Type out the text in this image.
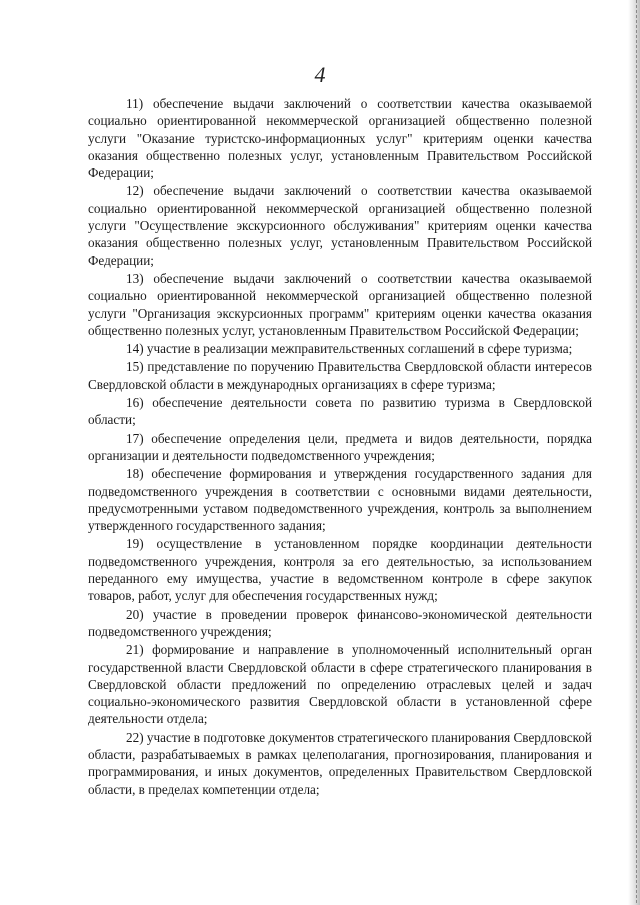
4

11) обеспечение выдачи заключений о соответствии качества оказываемой социально ориентированной некоммерческой организацией общественно полезной услуги "Оказание туристско-информационных услуг" критериям оценки качества оказания общественно полезных услуг, установленным Правительством Российской Федерации;

12) обеспечение выдачи заключений о соответствии качества оказываемой социально ориентированной некоммерческой организацией общественно полезной услуги "Осуществление экскурсионного обслуживания" критериям оценки качества оказания общественно полезных услуг, установленным Правительством Российской Федерации;

13) обеспечение выдачи заключений о соответствии качества оказываемой социально ориентированной некоммерческой организацией общественно полезной услуги "Организация экскурсионных программ" критериям оценки качества оказания общественно полезных услуг, установленным Правительством Российской Федерации;

14) участие в реализации межправительственных соглашений в сфере туризма;

15) представление по поручению Правительства Свердловской области интересов Свердловской области в международных организациях в сфере туризма;

16) обеспечение деятельности совета по развитию туризма в Свердловской области;

17) обеспечение определения цели, предмета и видов деятельности, порядка организации и деятельности подведомственного учреждения;

18) обеспечение формирования и утверждения государственного задания для подведомственного учреждения в соответствии с основными видами деятельности, предусмотренными уставом подведомственного учреждения, контроль за выполнением утвержденного государственного задания;

19) осуществление в установленном порядке координации деятельности подведомственного учреждения, контроля за его деятельностью, за использованием переданного ему имущества, участие в ведомственном контроле в сфере закупок товаров, работ, услуг для обеспечения государственных нужд;

20) участие в проведении проверок финансово-экономической деятельности подведомственного учреждения;

21) формирование и направление в уполномоченный исполнительный орган государственной власти Свердловской области в сфере стратегического планирования в Свердловской области предложений по определению отраслевых целей и задач социально-экономического развития Свердловской области в установленной сфере деятельности отдела;

22) участие в подготовке документов стратегического планирования Свердловской области, разрабатываемых в рамках целеполагания, прогнозирования, планирования и программирования, и иных документов, определенных Правительством Свердловской области, в пределах компетенции отдела;
